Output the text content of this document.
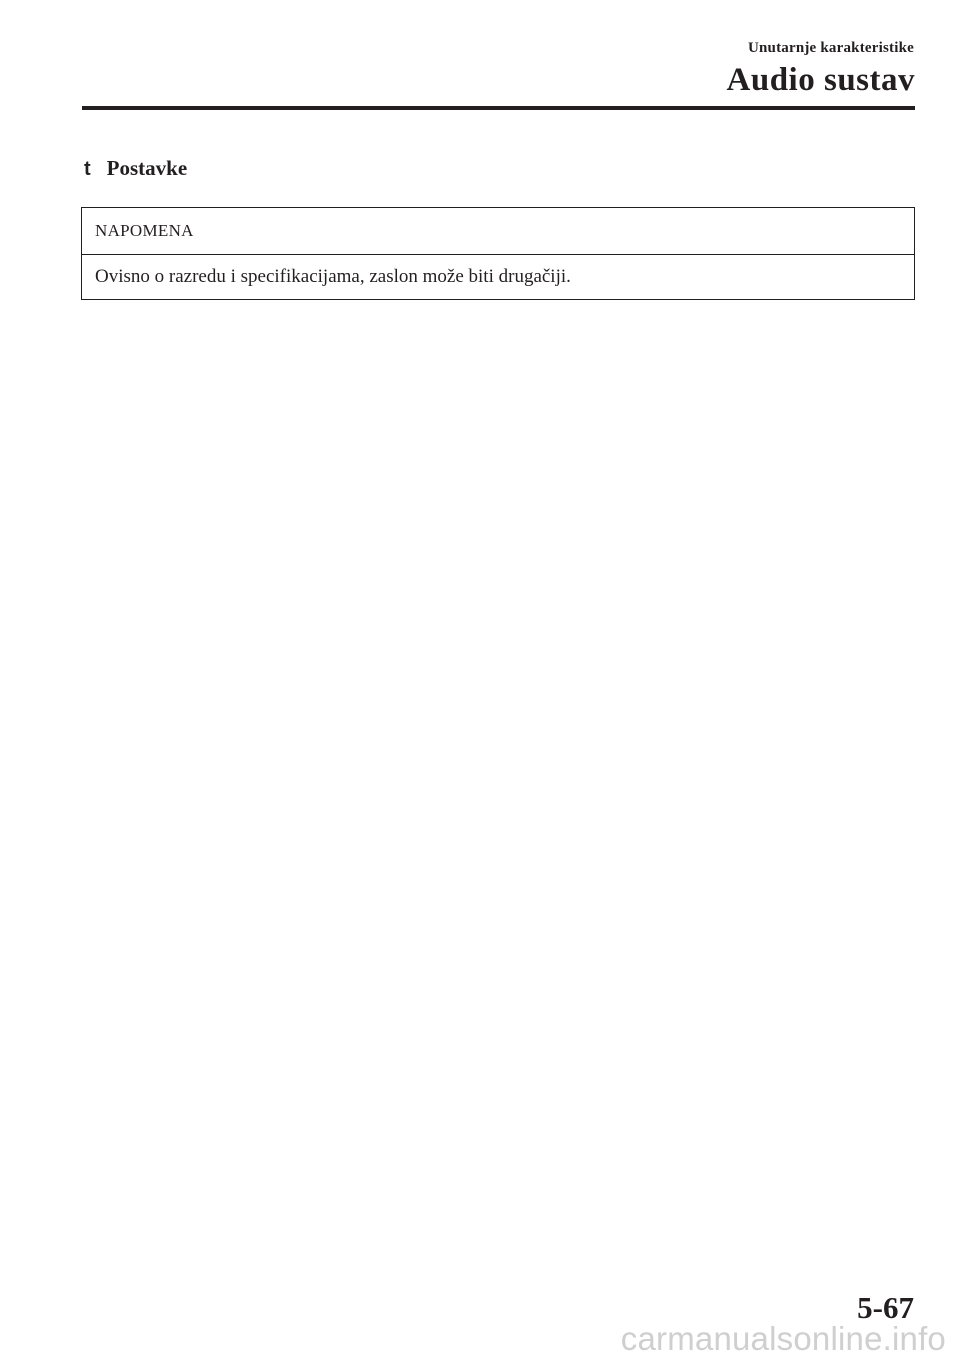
Unutarnje karakteristike
Audio sustav
t Postavke
NAPOMENA
Ovisno o razredu i specifikacijama, zaslon može biti drugačiji.
5-67
carmanualsonline.info
